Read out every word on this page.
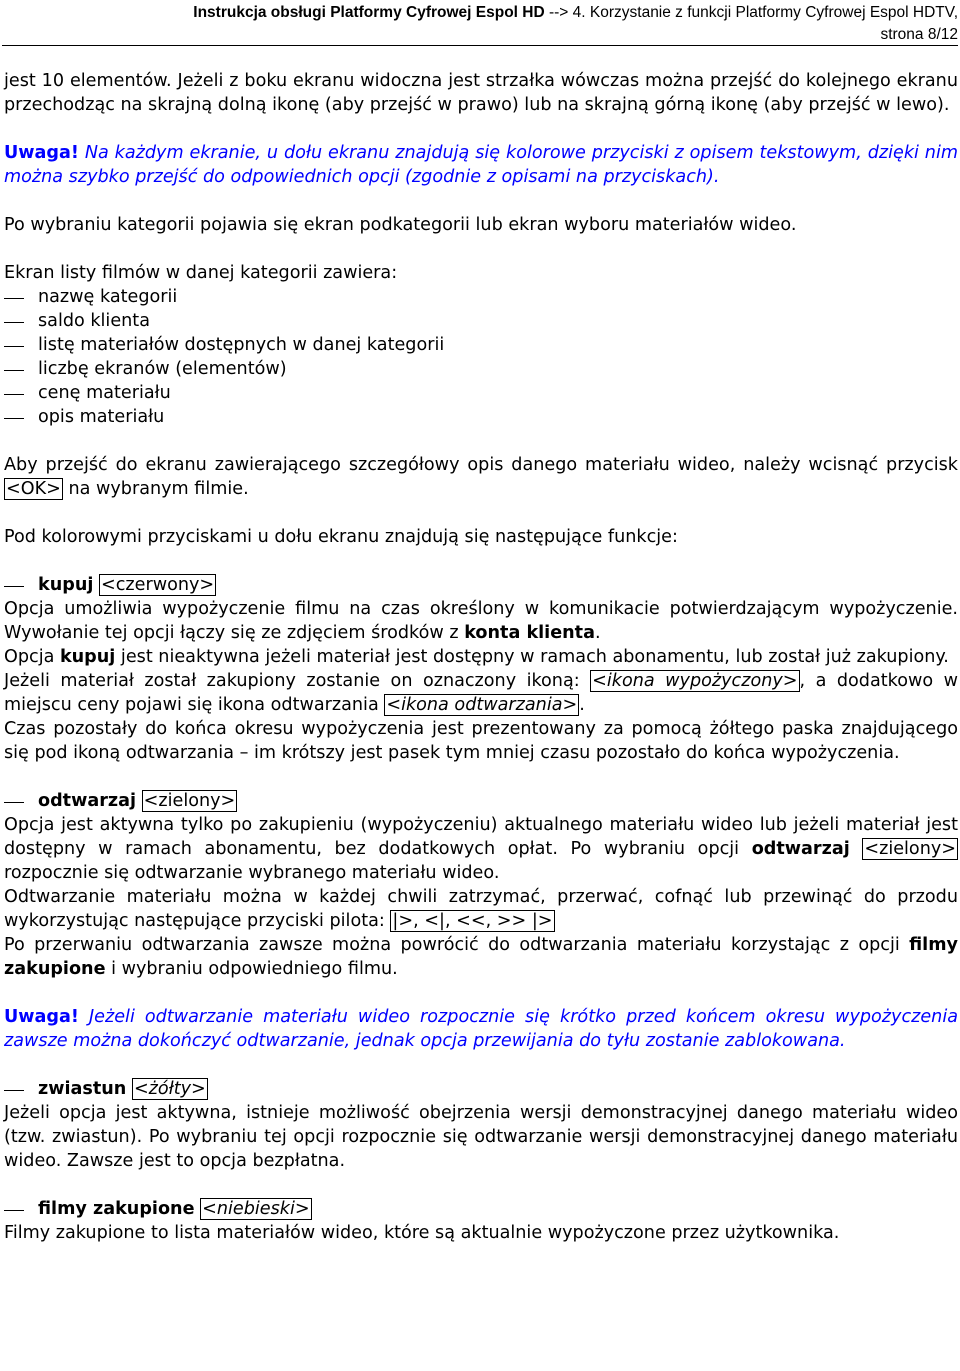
Instrukcja obsługi Platformy Cyfrowej Espol HD --> 4. Korzystanie z funkcji Platformy Cyfrowej Espol HDTV,
strona 8/12

jest 10 elementów. Jeżeli z boku ekranu widoczna jest strzałka wówczas można przejść do kolejnego ekranu przechodząc na skrajną dolną ikonę (aby przejść w prawo) lub na skrajną górną ikonę (aby przejść w lewo).

Uwaga! Na każdym ekranie, u dołu ekranu znajdują się kolorowe przyciski z opisem tekstowym, dzięki nim można szybko przejść do odpowiednich opcji (zgodnie z opisami na przyciskach).

Po wybraniu kategorii pojawia się ekran podkategorii lub ekran wyboru materiałów wideo.

Ekran listy filmów w danej kategorii zawiera:

nazwę kategorii
saldo klienta
listę materiałów dostępnych w danej kategorii
liczbę ekranów (elementów)
cenę materiału
opis materiału

Aby przejść do ekranu zawierającego szczegółowy opis danego materiału wideo, należy wcisnąć przycisk <OK> na wybranym filmie.

Pod kolorowymi przyciskami u dołu ekranu znajdują się następujące funkcje:

kupuj <czerwony>

Opcja umożliwia wypożyczenie filmu na czas określony w komunikacie potwierdzającym wypożyczenie. Wywołanie tej opcji łączy się ze zdjęciem środków z konta klienta.

Opcja kupuj jest nieaktywna jeżeli materiał jest dostępny w ramach abonamentu, lub został już zakupiony.

Jeżeli materiał został zakupiony zostanie on oznaczony ikoną: <ikona wypożyczony> , a dodatkowo w miejscu ceny pojawi się ikona odtwarzania <ikona odtwarzania> .

Czas pozostały do końca okresu wypożyczenia jest prezentowany za pomocą żółtego paska znajdującego się pod ikoną odtwarzania – im krótszy jest pasek tym mniej czasu pozostało do końca wypożyczenia.

odtwarzaj <zielony>

Opcja jest aktywna tylko po zakupieniu (wypożyczeniu) aktualnego materiału wideo lub jeżeli materiał jest dostępny w ramach abonamentu, bez dodatkowych opłat. Po wybraniu opcji odtwarzaj <zielony> rozpocznie się odtwarzanie wybranego materiału wideo.

Odtwarzanie materiału można w każdej chwili zatrzymać, przerwać, cofnąć lub przewinąć do przodu wykorzystując następujące przyciski pilota: |>, <|, <<, >> |>

Po przerwaniu odtwarzania zawsze można powrócić do odtwarzania materiału korzystając z opcji filmy zakupione i wybraniu odpowiedniego filmu.

Uwaga! Jeżeli odtwarzanie materiału wideo rozpocznie się krótko przed końcem okresu wypożyczenia zawsze można dokończyć odtwarzanie, jednak opcja przewijania do tyłu zostanie zablokowana.

zwiastun <żółty>

Jeżeli opcja jest aktywna, istnieje możliwość obejrzenia wersji demonstracyjnej danego materiału wideo (tzw. zwiastun). Po wybraniu tej opcji rozpocznie się odtwarzanie wersji demonstracyjnej danego materiału wideo. Zawsze jest to opcja bezpłatna.

filmy zakupione <niebieski>

Filmy zakupione to lista materiałów wideo, które są aktualnie wypożyczone przez użytkownika.
